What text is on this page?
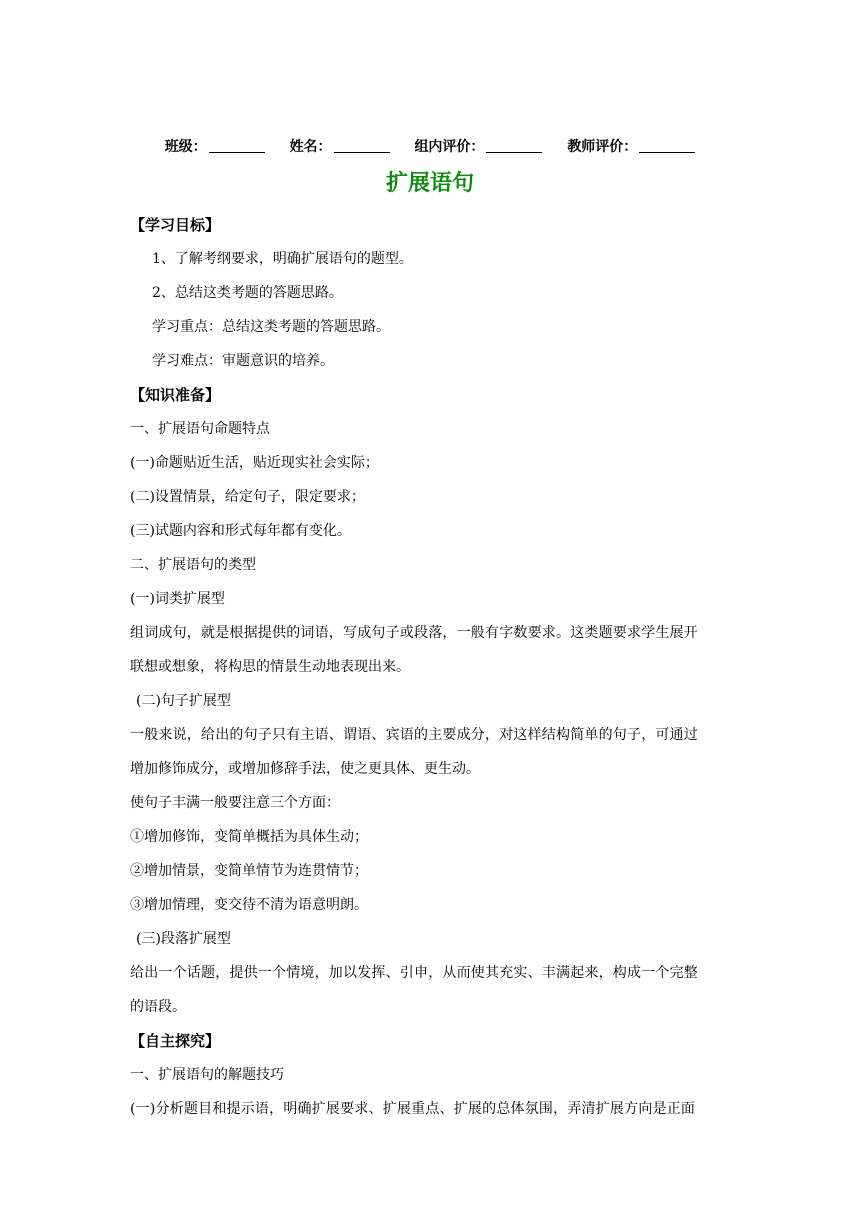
班级：	姓名：	组内评价：	教师评价：
扩展语句
【学习目标】
1、了解考纲要求，明确扩展语句的题型。
2、总结这类考题的答题思路。
学习重点：总结这类考题的答题思路。
学习难点：审题意识的培养。
【知识准备】
一、扩展语句命题特点
(一)命题贴近生活，贴近现实社会实际；
(二)设置情景，给定句子，限定要求；
(三)试题内容和形式每年都有变化。
二、扩展语句的类型
(一)词类扩展型
组词成句，就是根据提供的词语，写成句子或段落，一般有字数要求。这类题要求学生展开
联想或想象，将构思的情景生动地表现出来。
(二)句子扩展型
一般来说，给出的句子只有主语、谓语、宾语的主要成分，对这样结构简单的句子，可通过
增加修饰成分，或增加修辞手法，使之更具体、更生动。
使句子丰满一般要注意三个方面：
①增加修饰，变简单概括为具体生动；
②增加情景，变简单情节为连贯情节；
③增加情理，变交待不清为语意明朗。
(三)段落扩展型
给出一个话题，提供一个情境，加以发挥、引申，从而使其充实、丰满起来，构成一个完整
的语段。
【自主探究】
一、扩展语句的解题技巧
(一)分析题目和提示语，明确扩展要求、扩展重点、扩展的总体氛围，弄清扩展方向是正面
